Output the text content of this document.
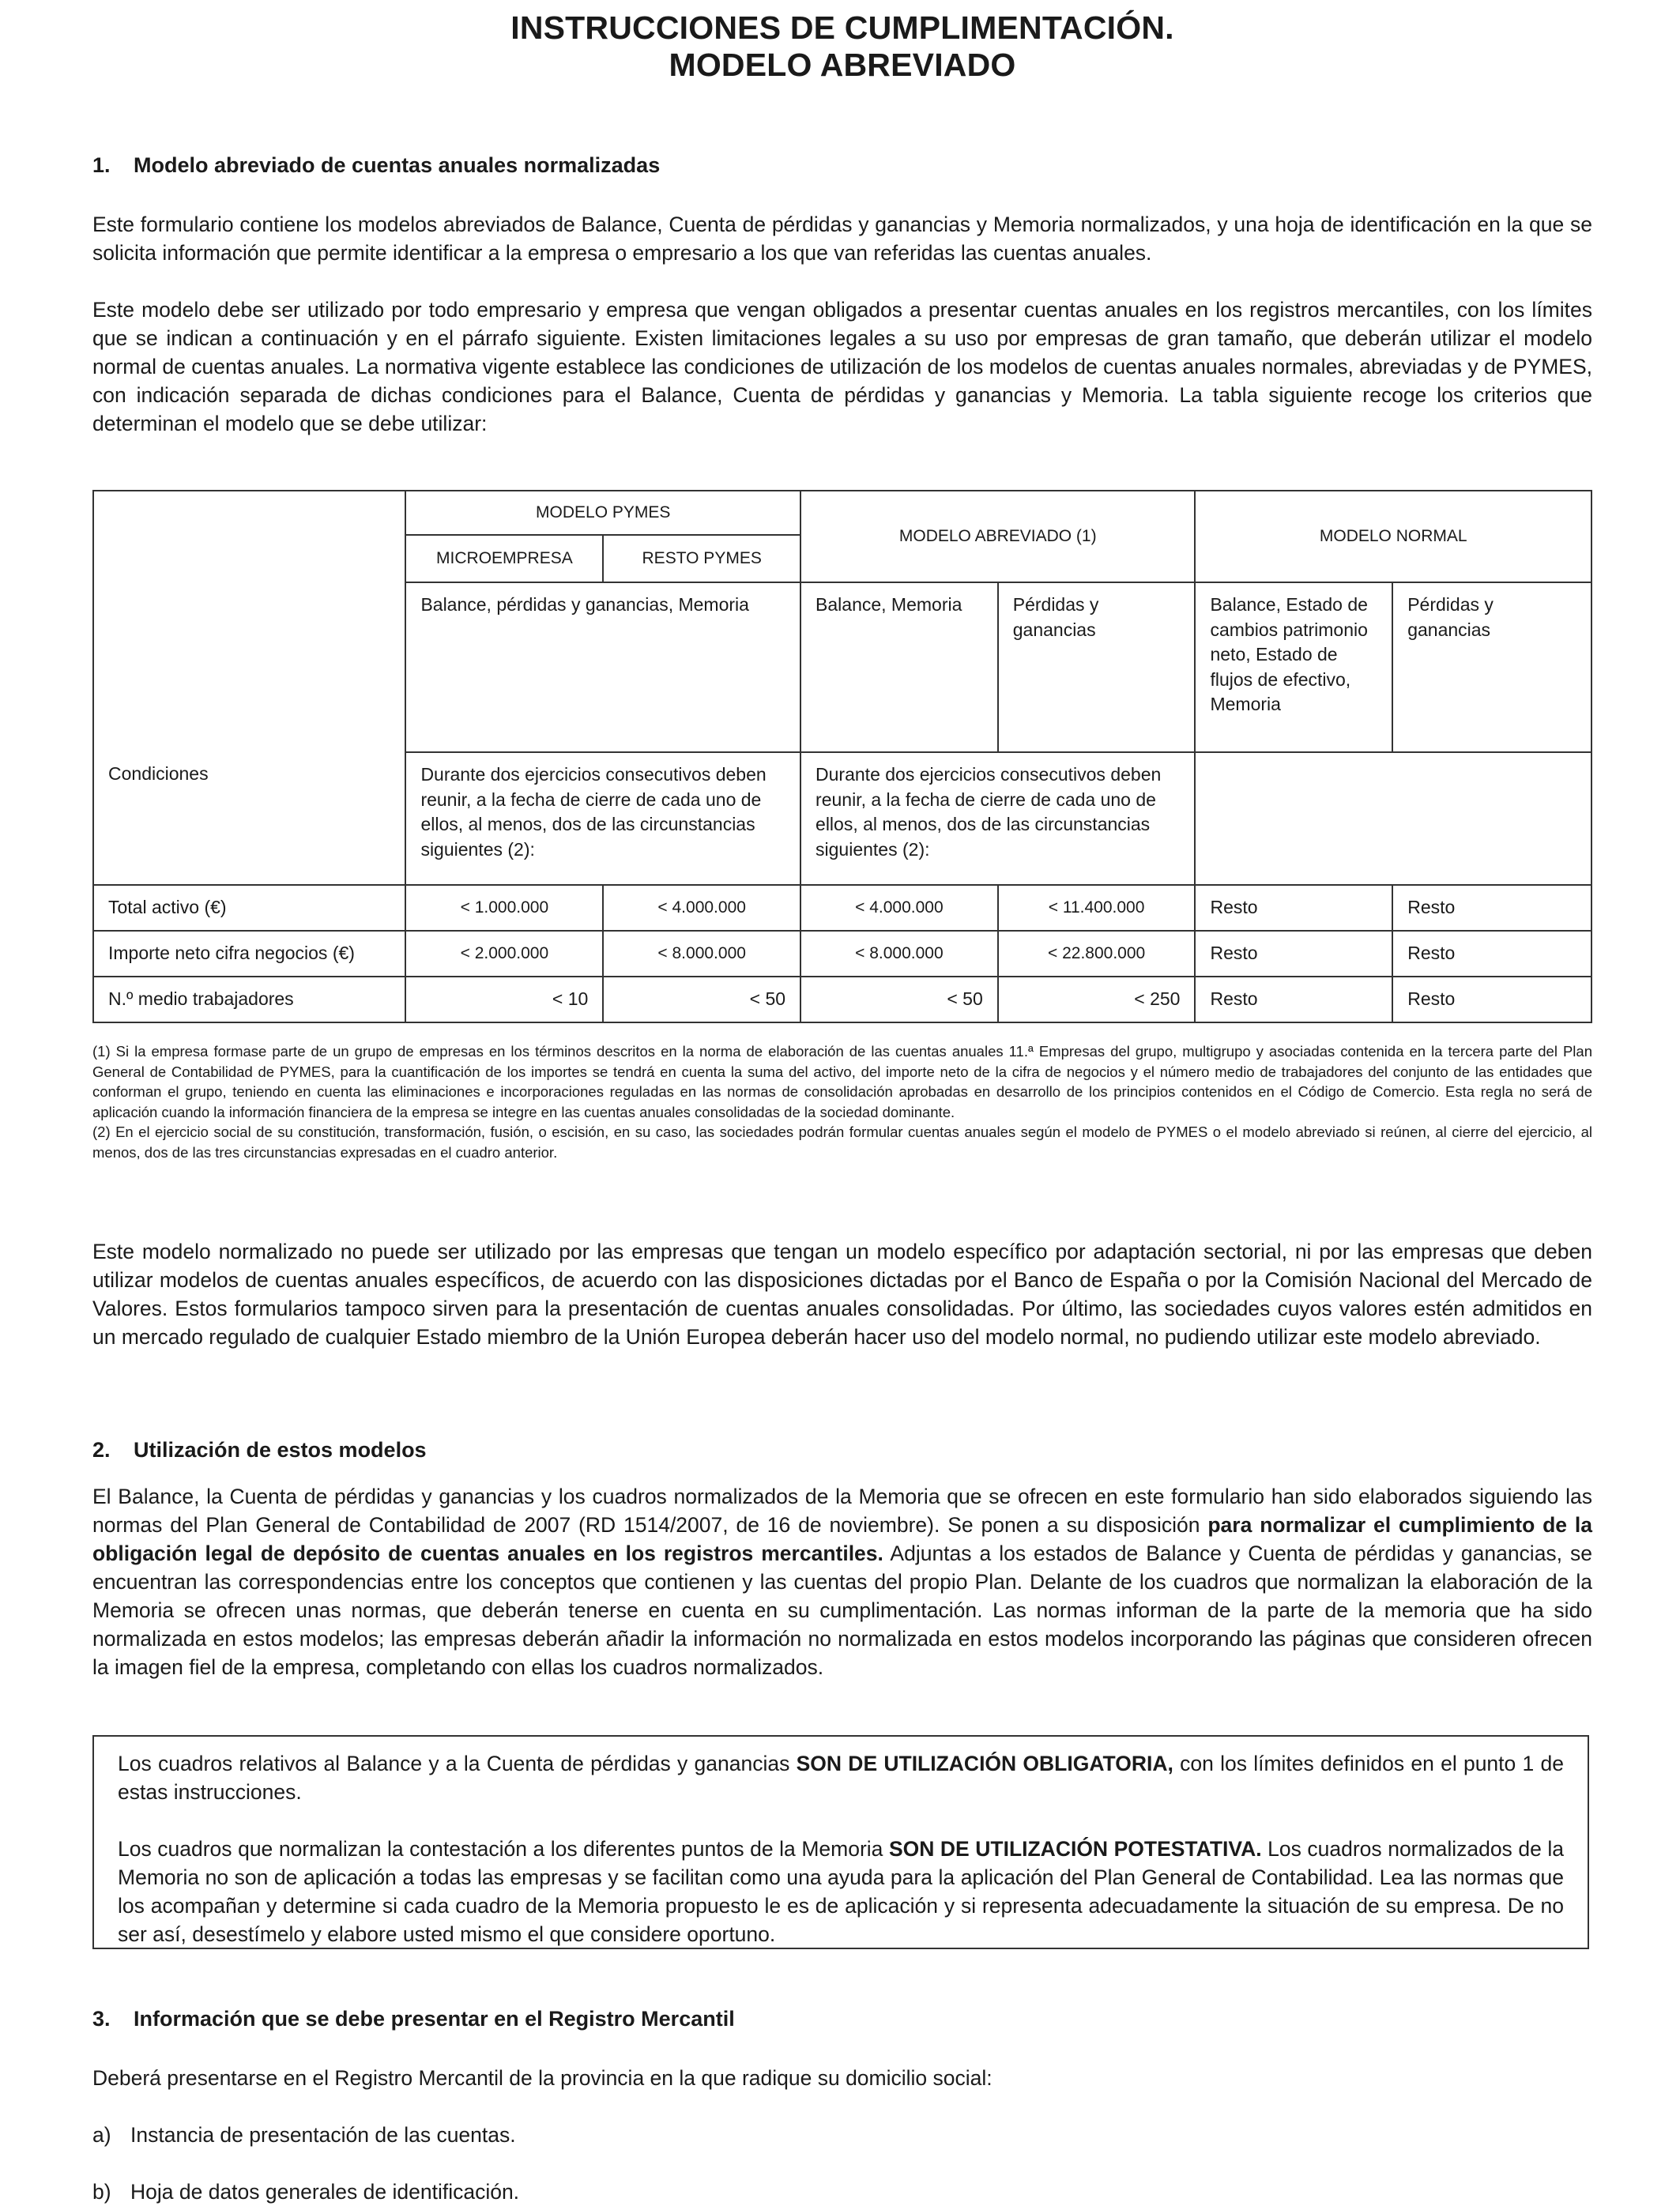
INSTRUCCIONES DE CUMPLIMENTACIÓN.
MODELO ABREVIADO
1. Modelo abreviado de cuentas anuales normalizadas

Este formulario contiene los modelos abreviados de Balance, Cuenta de pérdidas y ganancias y Memoria normalizados, y una hoja de identificación en la que se solicita información que permite identificar a la empresa o empresario a los que van referidas las cuentas anuales.

Este modelo debe ser utilizado por todo empresario y empresa que vengan obligados a presentar cuentas anuales en los registros mercantiles, con los límites que se indican a continuación y en el párrafo siguiente. Existen limitaciones legales a su uso por empresas de gran tamaño, que deberán utilizar el modelo normal de cuentas anuales. La normativa vigente establece las condiciones de utilización de los modelos de cuentas anuales normales, abreviadas y de PYMES, con indicación separada de dichas condiciones para el Balance, Cuenta de pérdidas y ganancias y Memoria. La tabla siguiente recoge los criterios que determinan el modelo que se debe utilizar:

	MODELO PYMES		MODELO ABREVIADO (1)		MODELO NORMAL	
	MICROEMPRESA	RESTO PYMES				
	Balance, pérdidas y ganancias, Memoria		Balance, Memoria	Pérdidas y ganancias	Balance, Estado de cambios patrimonio neto, Estado de flujos de efectivo, Memoria	Pérdidas y ganancias
Condiciones	Durante dos ejercicios consecutivos deben reunir, a la fecha de cierre de cada uno de ellos, al menos, dos de las circunstancias siguientes (2):		Durante dos ejercicios consecutivos deben reunir, a la fecha de cierre de cada uno de ellos, al menos, dos de las circunstancias siguientes (2):			
Total activo (€)	< 1.000.000	< 4.000.000	< 4.000.000	< 11.400.000	Resto	Resto
Importe neto cifra negocios (€)	< 2.000.000	< 8.000.000	< 8.000.000	< 22.800.000	Resto	Resto
N.º medio trabajadores	< 10	< 50	< 50	< 250	Resto	Resto
(1) Si la empresa formase parte de un grupo de empresas en los términos descritos en la norma de elaboración de las cuentas anuales 11.ª Empresas del grupo, multigrupo y asociadas contenida en la tercera parte del Plan General de Contabilidad de PYMES, para la cuantificación de los importes se tendrá en cuenta la suma del activo, del importe neto de la cifra de negocios y el número medio de trabajadores del conjunto de las entidades que conforman el grupo, teniendo en cuenta las eliminaciones e incorporaciones reguladas en las normas de consolidación aprobadas en desarrollo de los principios contenidos en el Código de Comercio. Esta regla no será de aplicación cuando la información financiera de la empresa se integre en las cuentas anuales consolidadas de la sociedad dominante.
(2) En el ejercicio social de su constitución, transformación, fusión, o escisión, en su caso, las sociedades podrán formular cuentas anuales según el modelo de PYMES o el modelo abreviado si reúnen, al cierre del ejercicio, al menos, dos de las tres circunstancias expresadas en el cuadro anterior.

Este modelo normalizado no puede ser utilizado por las empresas que tengan un modelo específico por adaptación sectorial, ni por las empresas que deben utilizar modelos de cuentas anuales específicos, de acuerdo con las disposiciones dictadas por el Banco de España o por la Comisión Nacional del Mercado de Valores. Estos formularios tampoco sirven para la presentación de cuentas anuales consolidadas. Por último, las sociedades cuyos valores estén admitidos en un mercado regulado de cualquier Estado miembro de la Unión Europea deberán hacer uso del modelo normal, no pudiendo utilizar este modelo abreviado.

2. Utilización de estos modelos

El Balance, la Cuenta de pérdidas y ganancias y los cuadros normalizados de la Memoria que se ofrecen en este formulario han sido elaborados siguiendo las normas del Plan General de Contabilidad de 2007 (RD 1514/2007, de 16 de noviembre). Se ponen a su disposición para normalizar el cumplimiento de la obligación legal de depósito de cuentas anuales en los registros mercantiles. Adjuntas a los estados de Balance y Cuenta de pérdidas y ganancias, se encuentran las correspondencias entre los conceptos que contienen y las cuentas del propio Plan. Delante de los cuadros que normalizan la elaboración de la Memoria se ofrecen unas normas, que deberán tenerse en cuenta en su cumplimentación. Las normas informan de la parte de la memoria que ha sido normalizada en estos modelos; las empresas deberán añadir la información no normalizada en estos modelos incorporando las páginas que consideren ofrecen la imagen fiel de la empresa, completando con ellas los cuadros normalizados.

Los cuadros relativos al Balance y a la Cuenta de pérdidas y ganancias SON DE UTILIZACIÓN OBLIGATORIA, con los límites definidos en el punto 1 de estas instrucciones.

Los cuadros que normalizan la contestación a los diferentes puntos de la Memoria SON DE UTILIZACIÓN POTESTATIVA. Los cuadros normalizados de la Memoria no son de aplicación a todas las empresas y se facilitan como una ayuda para la aplicación del Plan General de Contabilidad. Lea las normas que los acompañan y determine si cada cuadro de la Memoria propuesto le es de aplicación y si representa adecuadamente la situación de su empresa. De no ser así, desestímelo y elabore usted mismo el que considere oportuno.

3. Información que se debe presentar en el Registro Mercantil

Deberá presentarse en el Registro Mercantil de la provincia en la que radique su domicilio social:

a) Instancia de presentación de las cuentas.

b) Hoja de datos generales de identificación.
